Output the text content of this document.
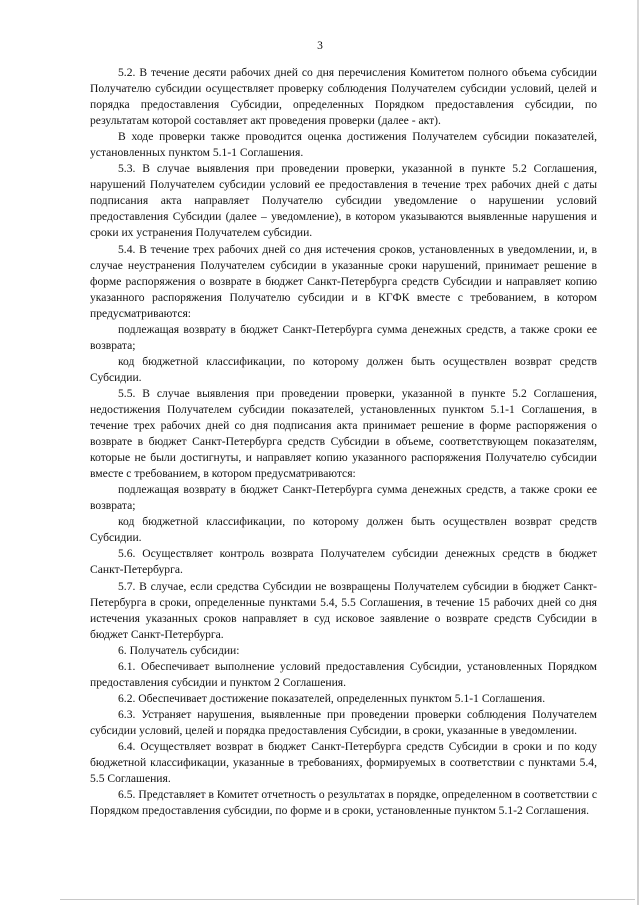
3

5.2. В течение десяти рабочих дней со дня перечисления Комитетом полного объема субсидии Получателю субсидии осуществляет проверку соблюдения Получателем субсидии условий, целей и порядка предоставления Субсидии, определенных Порядком предоставления субсидии, по результатам которой составляет акт проведения проверки (далее - акт).

В ходе проверки также проводится оценка достижения Получателем субсидии показателей, установленных пунктом 5.1-1 Соглашения.

5.3. В случае выявления при проведении проверки, указанной в пункте 5.2 Соглашения, нарушений Получателем субсидии условий ее предоставления в течение трех рабочих дней с даты подписания акта направляет Получателю субсидии уведомление о нарушении условий предоставления Субсидии (далее – уведомление), в котором указываются выявленные нарушения и сроки их устранения Получателем субсидии.

5.4. В течение трех рабочих дней со дня истечения сроков, установленных в уведомлении, и, в случае неустранения Получателем субсидии в указанные сроки нарушений, принимает решение в форме распоряжения о возврате в бюджет Санкт-Петербурга средств Субсидии и направляет копию указанного распоряжения Получателю субсидии и в КГФК вместе с требованием, в котором предусматриваются:

подлежащая возврату в бюджет Санкт-Петербурга сумма денежных средств, а также сроки ее возврата;

код бюджетной классификации, по которому должен быть осуществлен возврат средств Субсидии.

5.5. В случае выявления при проведении проверки, указанной в пункте 5.2 Соглашения, недостижения Получателем субсидии показателей, установленных пунктом 5.1-1 Соглашения, в течение трех рабочих дней со дня подписания акта принимает решение в форме распоряжения о возврате в бюджет Санкт-Петербурга средств Субсидии в объеме, соответствующем показателям, которые не были достигнуты, и направляет копию указанного распоряжения Получателю субсидии вместе с требованием, в котором предусматриваются:

подлежащая возврату в бюджет Санкт-Петербурга сумма денежных средств, а также сроки ее возврата;

код бюджетной классификации, по которому должен быть осуществлен возврат средств Субсидии.

5.6. Осуществляет контроль возврата Получателем субсидии денежных средств в бюджет Санкт-Петербурга.

5.7. В случае, если средства Субсидии не возвращены Получателем субсидии в бюджет Санкт-Петербурга в сроки, определенные пунктами 5.4, 5.5 Соглашения, в течение 15 рабочих дней со дня истечения указанных сроков направляет в суд исковое заявление о возврате средств Субсидии в бюджет Санкт-Петербурга.

6. Получатель субсидии:

6.1. Обеспечивает выполнение условий предоставления Субсидии, установленных Порядком предоставления субсидии и пунктом 2 Соглашения.

6.2. Обеспечивает достижение показателей, определенных пунктом 5.1-1 Соглашения.

6.3. Устраняет нарушения, выявленные при проведении проверки соблюдения Получателем субсидии условий, целей и порядка предоставления Субсидии, в сроки, указанные в уведомлении.

6.4. Осуществляет возврат в бюджет Санкт-Петербурга средств Субсидии в сроки и по коду бюджетной классификации, указанные в требованиях, формируемых в соответствии с пунктами 5.4, 5.5 Соглашения.

6.5. Представляет в Комитет отчетность о результатах в порядке, определенном в соответствии с Порядком предоставления субсидии, по форме и в сроки, установленные пунктом 5.1-2 Соглашения.
